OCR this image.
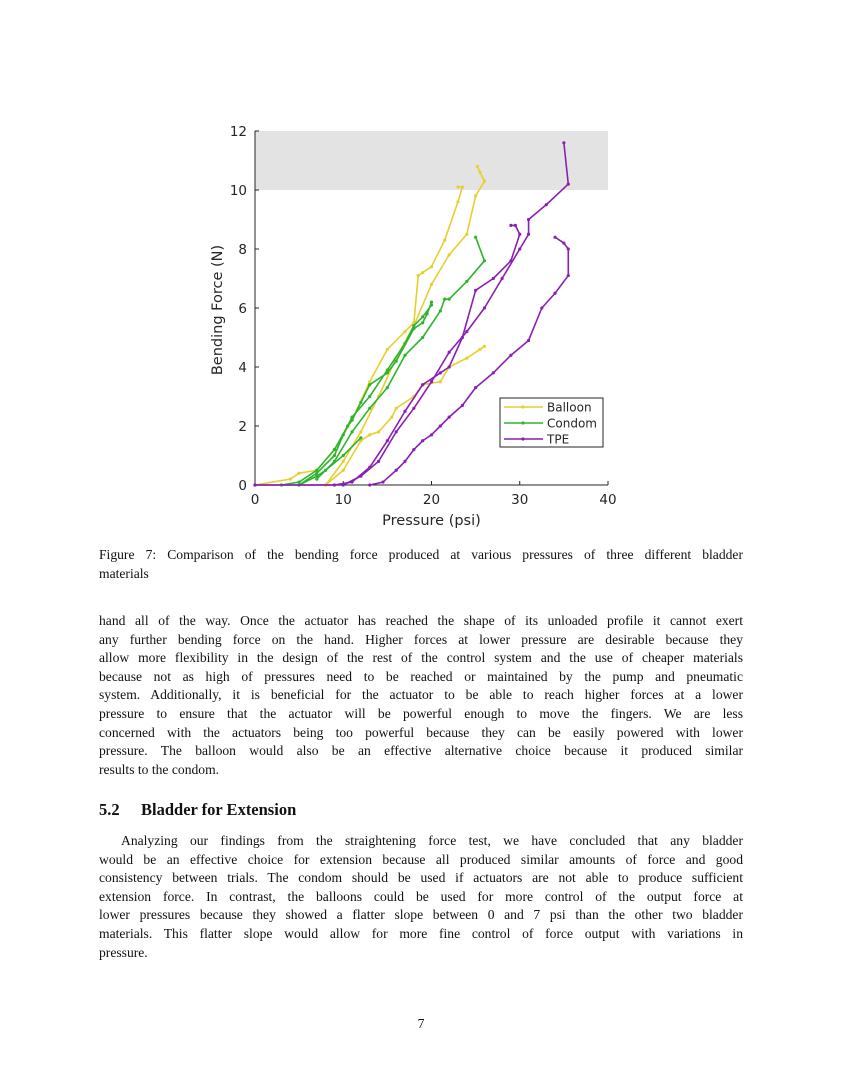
0	10	20	30	40
0
2
4
6
8
10
12
Pressure (psi)
Bending Force (N)
Balloon
Condom
TPE
Figure 7: Comparison of the bending force produced at various pressures of three different bladder
materials
hand all of the way. Once the actuator has reached the shape of its unloaded profile it cannot exert
any further bending force on the hand. Higher forces at lower pressure are desirable because they
allow more flexibility in the design of the rest of the control system and the use of cheaper materials
because not as high of pressures need to be reached or maintained by the pump and pneumatic
system. Additionally, it is beneficial for the actuator to be able to reach higher forces at a lower
pressure to ensure that the actuator will be powerful enough to move the fingers. We are less
concerned with the actuators being too powerful because they can be easily powered with lower
pressure. The balloon would also be an effective alternative choice because it produced similar
results to the condom.
5.2 Bladder for Extension
Analyzing our findings from the straightening force test, we have concluded that any bladder
would be an effective choice for extension because all produced similar amounts of force and good
consistency between trials. The condom should be used if actuators are not able to produce sufficient
extension force. In contrast, the balloons could be used for more control of the output force at
lower pressures because they showed a flatter slope between 0 and 7 psi than the other two bladder
materials. This flatter slope would allow for more fine control of force output with variations in
pressure.
7
